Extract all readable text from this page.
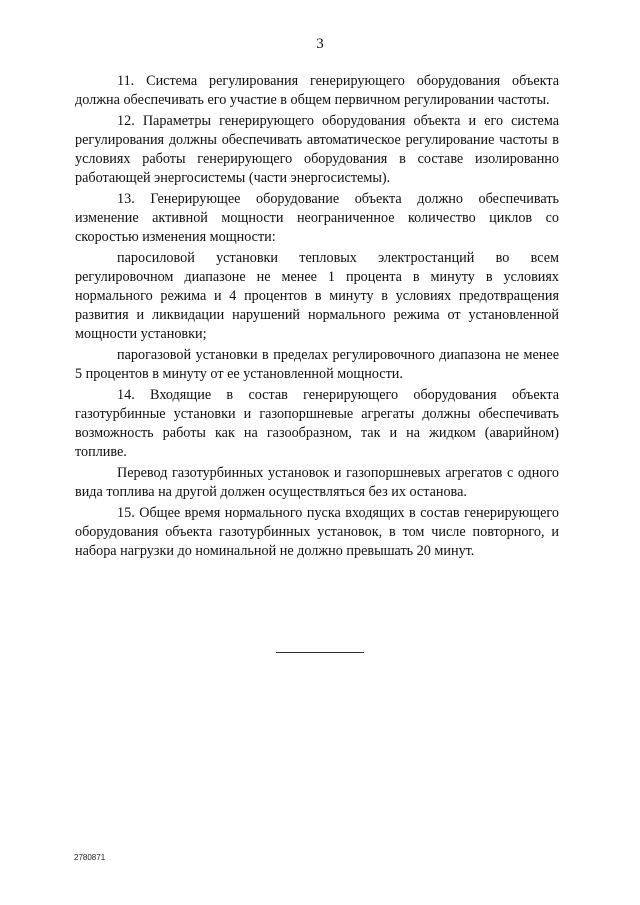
3

11. Система регулирования генерирующего оборудования объекта должна обеспечивать его участие в общем первичном регулировании частоты.

12. Параметры генерирующего оборудования объекта и его система регулирования должны обеспечивать автоматическое регулирование частоты в условиях работы генерирующего оборудования в составе изолированно работающей энергосистемы (части энергосистемы).

13. Генерирующее оборудование объекта должно обеспечивать изменение активной мощности неограниченное количество циклов со скоростью изменения мощности:

паросиловой установки тепловых электростанций во всем регулировочном диапазоне не менее 1 процента в минуту в условиях нормального режима и 4 процентов в минуту в условиях предотвращения развития и ликвидации нарушений нормального режима от установленной мощности установки;

парогазовой установки в пределах регулировочного диапазона не менее 5 процентов в минуту от ее установленной мощности.

14. Входящие в состав генерирующего оборудования объекта газотурбинные установки и газопоршневые агрегаты должны обеспечивать возможность работы как на газообразном, так и на жидком (аварийном) топливе.

Перевод газотурбинных установок и газопоршневых агрегатов с одного вида топлива на другой должен осуществляться без их останова.

15. Общее время нормального пуска входящих в состав генерирующего оборудования объекта газотурбинных установок, в том числе повторного, и набора нагрузки до номинальной не должно превышать 20 минут.

2780871
